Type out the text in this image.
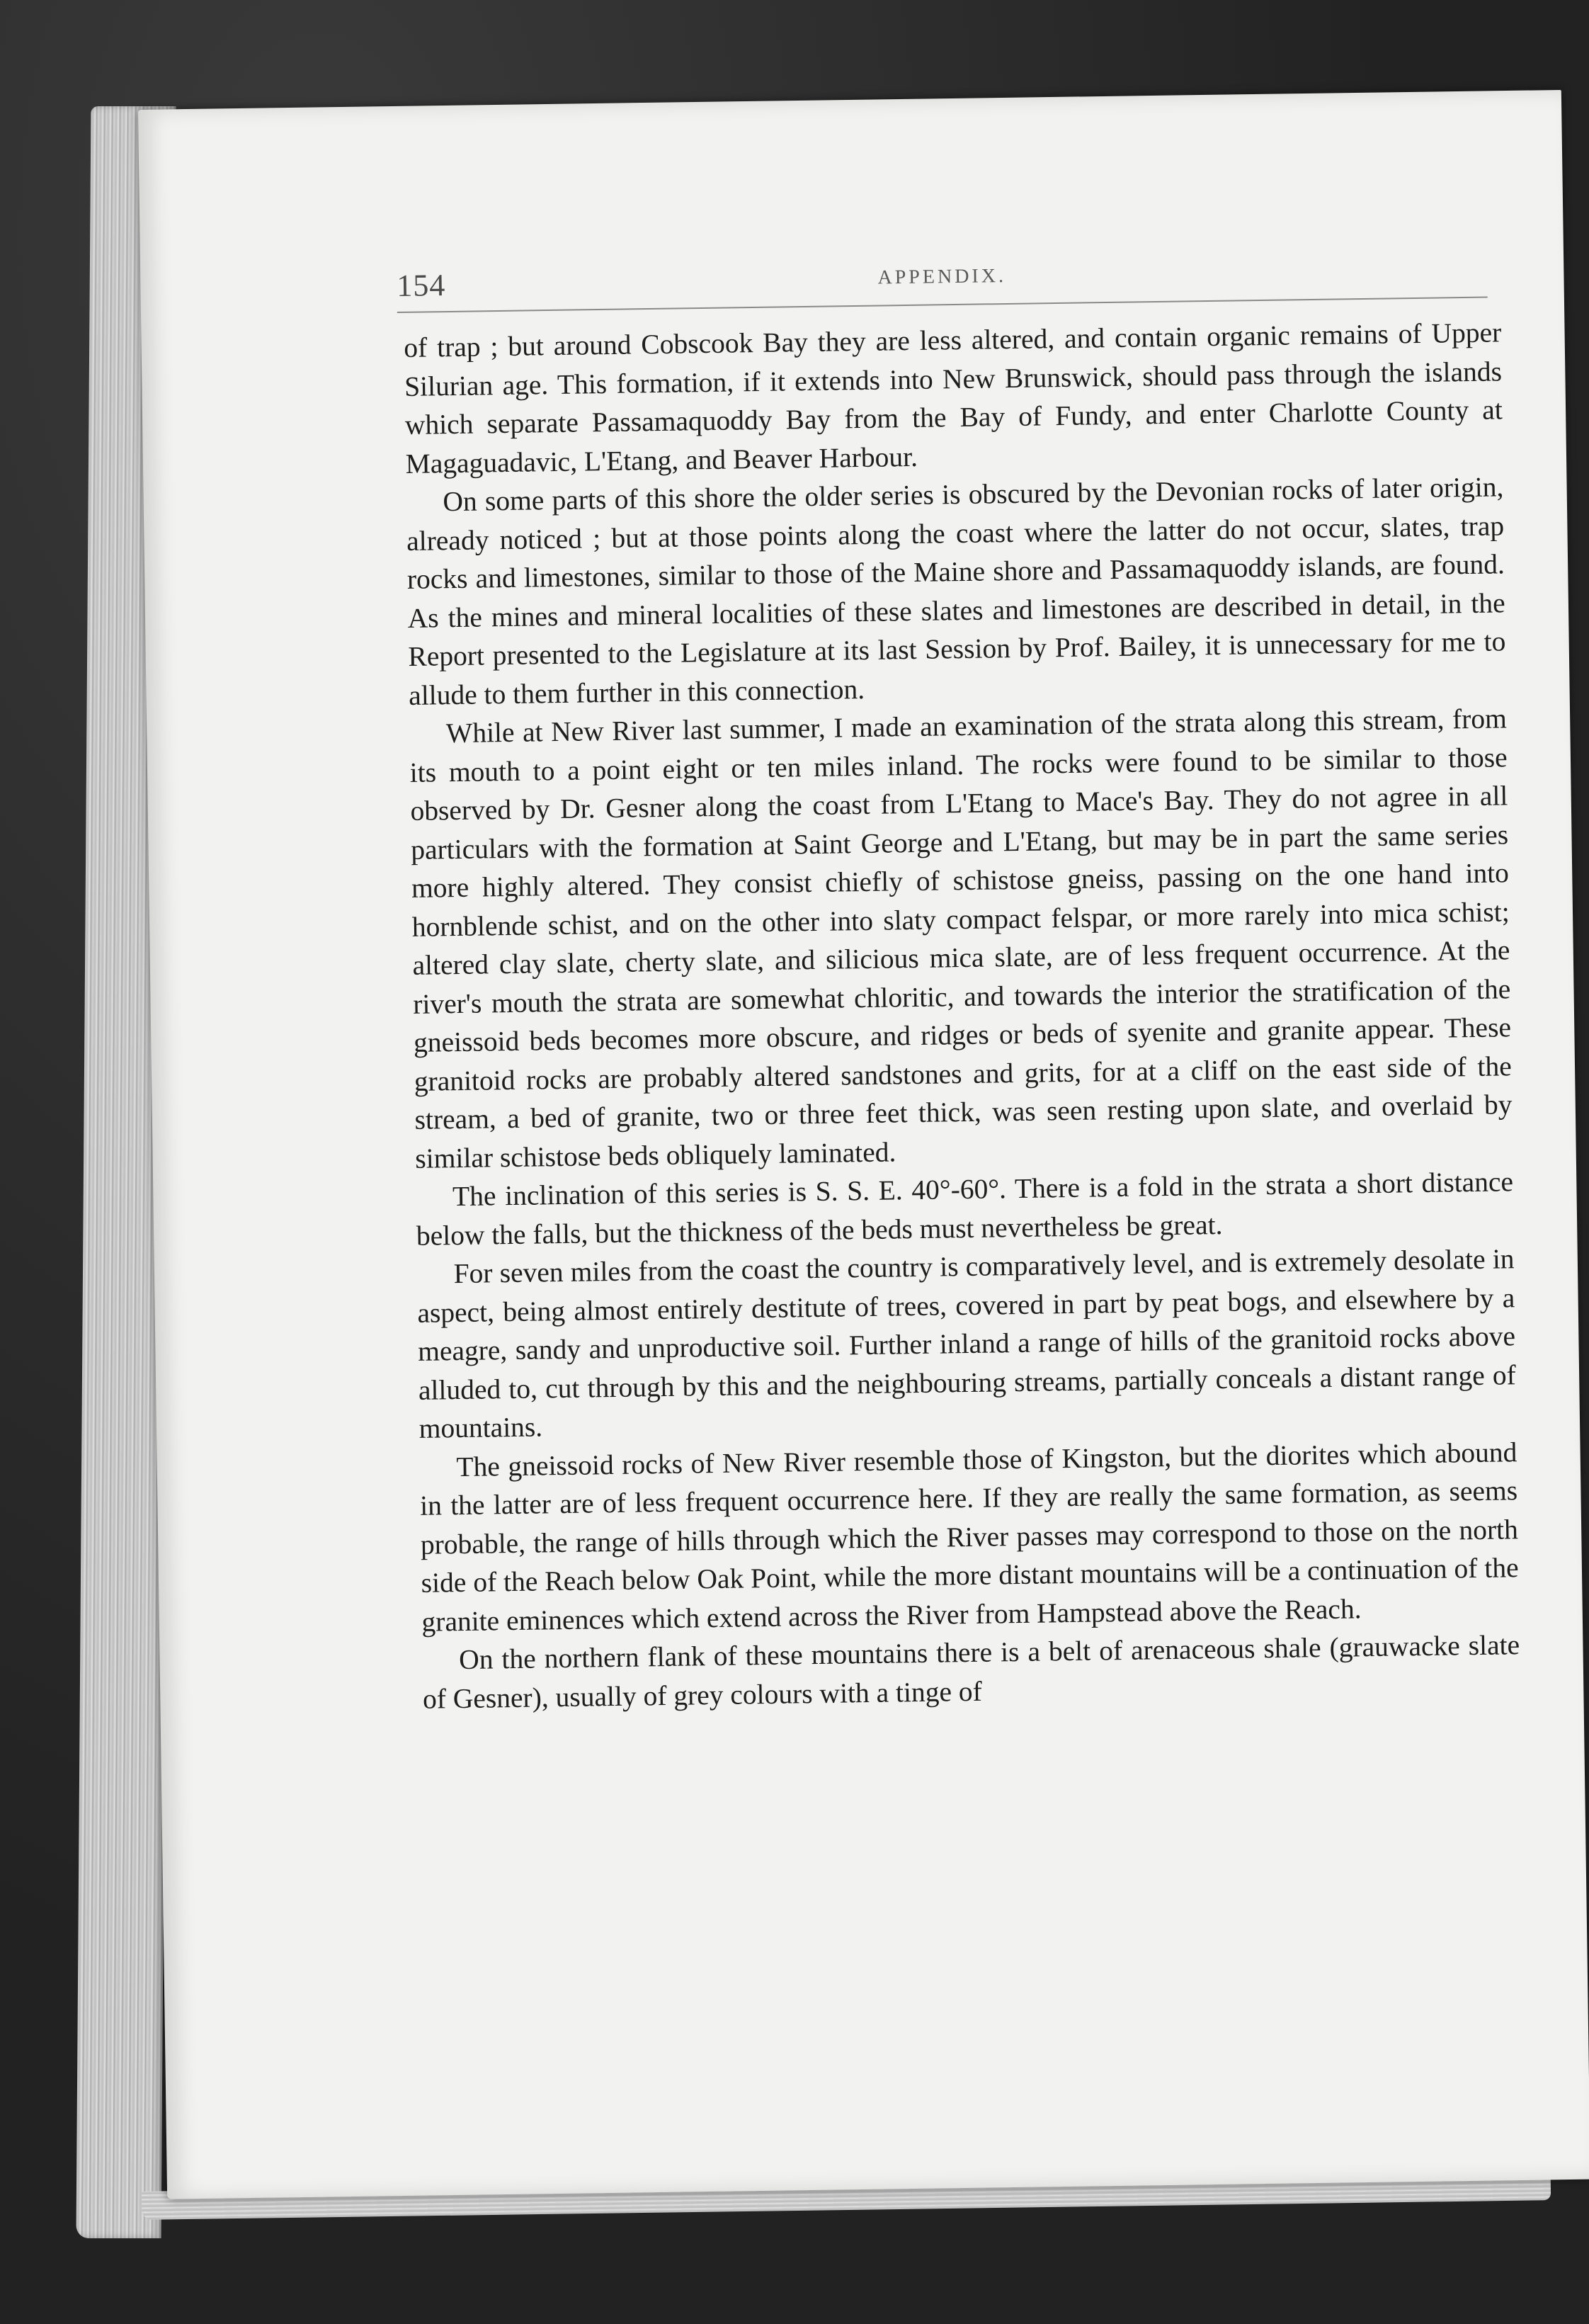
154	APPENDIX.

of trap ; but around Cobscook Bay they are less altered, and contain organic remains of Upper Silurian age. This formation, if it extends into New Brunswick, should pass through the islands which separate Passamaquoddy Bay from the Bay of Fundy, and enter Charlotte County at Magaguadavic, L'Etang, and Beaver Harbour.

On some parts of this shore the older series is obscured by the Devonian rocks of later origin, already noticed ; but at those points along the coast where the latter do not occur, slates, trap rocks and limestones, similar to those of the Maine shore and Passamaquoddy islands, are found. As the mines and mineral localities of these slates and limestones are described in detail, in the Report presented to the Legislature at its last Session by Prof. Bailey, it is unnecessary for me to allude to them further in this connection.

While at New River last summer, I made an examination of the strata along this stream, from its mouth to a point eight or ten miles inland. The rocks were found to be similar to those observed by Dr. Gesner along the coast from L'Etang to Mace's Bay. They do not agree in all particulars with the formation at Saint George and L'Etang, but may be in part the same series more highly altered. They consist chiefly of schistose gneiss, passing on the one hand into hornblende schist, and on the other into slaty compact felspar, or more rarely into mica schist; altered clay slate, cherty slate, and silicious mica slate, are of less frequent occurrence. At the river's mouth the strata are somewhat chloritic, and towards the interior the stratification of the gneissoid beds becomes more obscure, and ridges or beds of syenite and granite appear. These granitoid rocks are probably altered sandstones and grits, for at a cliff on the east side of the stream, a bed of granite, two or three feet thick, was seen resting upon slate, and overlaid by similar schistose beds obliquely laminated.

The inclination of this series is S. S. E. 40°-60°. There is a fold in the strata a short distance below the falls, but the thickness of the beds must nevertheless be great.

For seven miles from the coast the country is comparatively level, and is extremely desolate in aspect, being almost entirely destitute of trees, covered in part by peat bogs, and elsewhere by a meagre, sandy and unproductive soil. Further inland a range of hills of the granitoid rocks above alluded to, cut through by this and the neighbouring streams, partially conceals a distant range of mountains.

The gneissoid rocks of New River resemble those of Kingston, but the diorites which abound in the latter are of less frequent occurrence here. If they are really the same formation, as seems probable, the range of hills through which the River passes may correspond to those on the north side of the Reach below Oak Point, while the more distant mountains will be a continuation of the granite eminences which extend across the River from Hampstead above the Reach.

On the northern flank of these mountains there is a belt of arenaceous shale (grauwacke slate of Gesner), usually of grey colours with a tinge of
